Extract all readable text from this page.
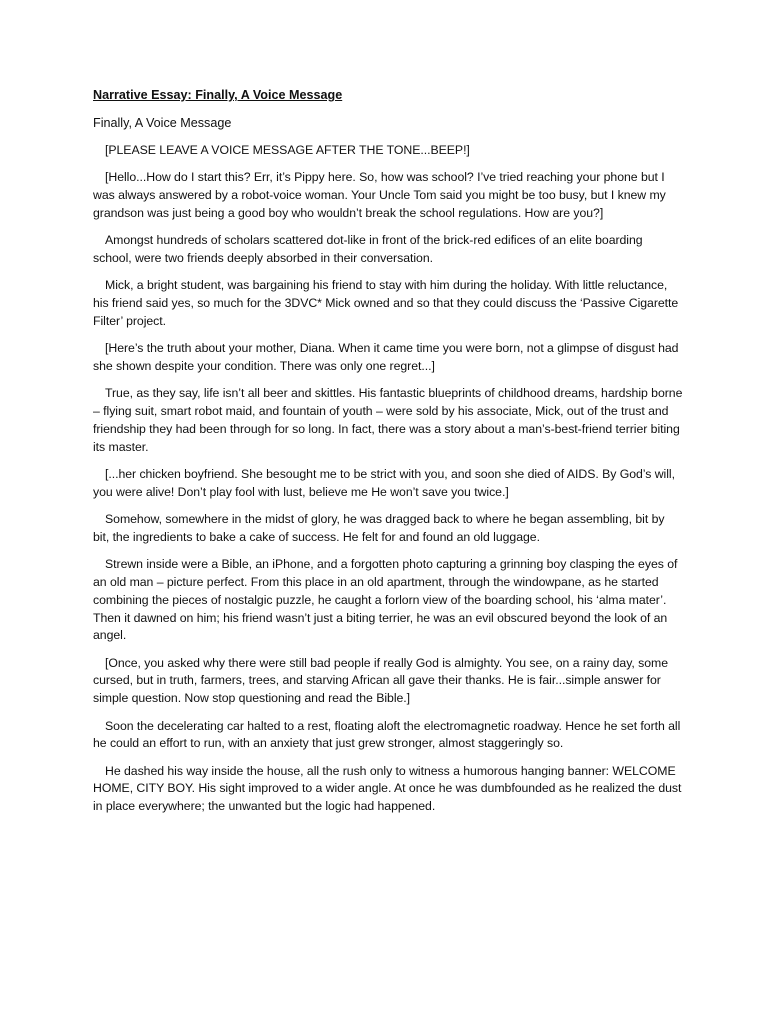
Narrative Essay: Finally, A Voice Message
Finally, A Voice Message

[PLEASE LEAVE A VOICE MESSAGE AFTER THE TONE...BEEP!]

[Hello...How do I start this? Err, it’s Pippy here. So, how was school? I’ve tried reaching your phone but I was always answered by a robot-voice woman. Your Uncle Tom said you might be too busy, but I knew my grandson was just being a good boy who wouldn’t break the school regulations. How are you?]

Amongst hundreds of scholars scattered dot-like in front of the brick-red edifices of an elite boarding school, were two friends deeply absorbed in their conversation.

Mick, a bright student, was bargaining his friend to stay with him during the holiday. With little reluctance, his friend said yes, so much for the 3DVC* Mick owned and so that they could discuss the ‘Passive Cigarette Filter’ project.

[Here’s the truth about your mother, Diana. When it came time you were born, not a glimpse of disgust had she shown despite your condition. There was only one regret...]

True, as they say, life isn’t all beer and skittles. His fantastic blueprints of childhood dreams, hardship borne – flying suit, smart robot maid, and fountain of youth – were sold by his associate, Mick, out of the trust and friendship they had been through for so long. In fact, there was a story about a man’s-best-friend terrier biting its master.

[...her chicken boyfriend. She besought me to be strict with you, and soon she died of AIDS. By God’s will, you were alive! Don’t play fool with lust, believe me He won’t save you twice.]

Somehow, somewhere in the midst of glory, he was dragged back to where he began assembling, bit by bit, the ingredients to bake a cake of success. He felt for and found an old luggage.

Strewn inside were a Bible, an iPhone, and a forgotten photo capturing a grinning boy clasping the eyes of an old man – picture perfect. From this place in an old apartment, through the windowpane, as he started combining the pieces of nostalgic puzzle, he caught a forlorn view of the boarding school, his ‘alma mater’. Then it dawned on him; his friend wasn’t just a biting terrier, he was an evil obscured beyond the look of an angel.

[Once, you asked why there were still bad people if really God is almighty. You see, on a rainy day, some cursed, but in truth, farmers, trees, and starving African all gave their thanks. He is fair...simple answer for simple question. Now stop questioning and read the Bible.]

Soon the decelerating car halted to a rest, floating aloft the electromagnetic roadway. Hence he set forth all he could an effort to run, with an anxiety that just grew stronger, almost staggeringly so.

He dashed his way inside the house, all the rush only to witness a humorous hanging banner: WELCOME HOME, CITY BOY. His sight improved to a wider angle. At once he was dumbfounded as he realized the dust in place everywhere; the unwanted but the logic had happened.
